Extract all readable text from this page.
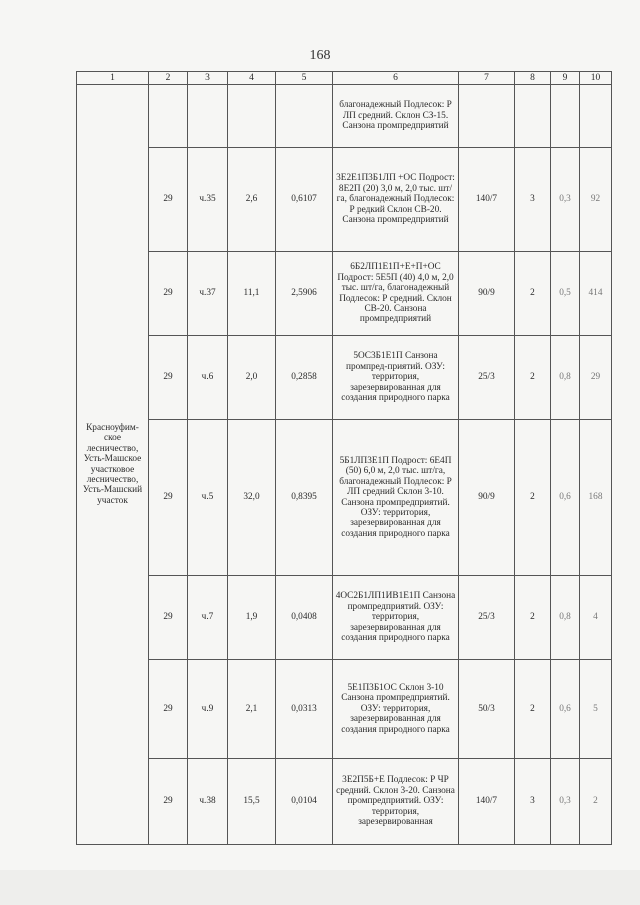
168
1	2	3	4	5	6	7	8	9	10
Красноуфим-ское лесничество, Усть-Машское участковое лесничество, Усть-Машский участок					благонадежный Подлесок: Р ЛП средний. Склон СЗ-15. Санзона промпредприятий				
	29	ч.35	2,6	0,6107	3Е2Е1П3Б1ЛП +ОС Подрост: 8Е2П (20) 3,0 м, 2,0 тыс. шт/га, благонадежный Подлесок: Р редкий Склон СВ-20. Санзона промпредприятий	140/7	3	0,3	92
	29	ч.37	11,1	2,5906	6Б2ЛП1Е1П+Е+П+ОС Подрост: 5Е5П (40) 4,0 м, 2,0 тыс. шт/га, благонадежный Подлесок: Р средний. Склон СВ-20. Санзона промпредприятий	90/9	2	0,5	414
	29	ч.6	2,0	0,2858	5ОС3Б1Е1П Санзона промпред-приятий. ОЗУ: территория, зарезервированная для создания природного парка	25/3	2	0,8	29
	29	ч.5	32,0	0,8395	5Б1ЛП3Е1П Подрост: 6Е4П (50) 6,0 м, 2,0 тыс. шт/га, благонадежный Подлесок: Р ЛП средний Склон 3-10. Санзона промпредприятий. ОЗУ: территория, зарезервированная для создания природного парка	90/9	2	0,6	168
	29	ч.7	1,9	0,0408	4ОС2Б1ЛП1ИВ1Е1П Санзона промпредприятий. ОЗУ: территория, зарезервированная для создания природного парка	25/3	2	0,8	4
	29	ч.9	2,1	0,0313	5Е1П3Б1ОС Склон 3-10 Санзона промпредприятий. ОЗУ: территория, зарезервированная для создания природного парка	50/3	2	0,6	5
	29	ч.38	15,5	0,0104	3Е2П5Б+Е Подлесок: Р ЧР средний. Склон 3-20. Санзона промпредприятий. ОЗУ: территория, зарезервированная	140/7	3	0,3	2
